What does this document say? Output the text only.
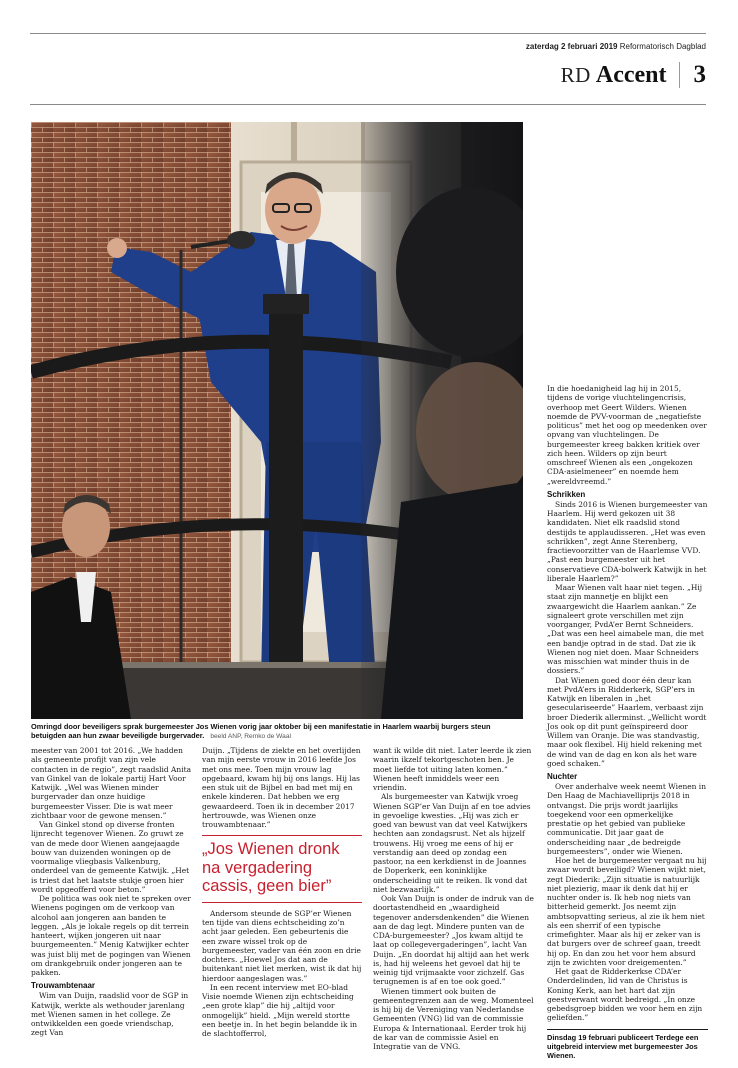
zaterdag 2 februari 2019 Reformatorisch Dagblad
RD Accent 3
Omringd door beveiligers sprak burgemeester Jos Wienen vorig jaar oktober bij een manifestatie in Haarlem waarbij burgers steun betuigden aan hun zwaar beveiligde burgervader. beeld ANP, Remko de Waal

meester van 2001 tot 2016. „We hadden als gemeente profijt van zijn vele contacten in de regio”, zegt raadslid Anita van Ginkel van de lokale partij Hart Voor Katwijk. „Wel was Wienen minder burgervader dan onze huidige burgemeester Visser. Die is wat meer zichtbaar voor de gewone mensen.”

Van Ginkel stond op diverse fronten lijnrecht tegenover Wienen. Zo gruwt ze van de mede door Wienen aangejaagde bouw van duizenden woningen op de voormalige vliegbasis Valkenburg, onderdeel van de gemeente Katwijk. „Het is triest dat het laatste stukje groen hier wordt opgeofferd voor beton.”

De politica was ook niet te spreken over Wienens pogingen om de verkoop van alcohol aan jongeren aan banden te leggen. „Als je lokale regels op dit terrein hanteert, wijken jongeren uit naar buurgemeenten.” Menig Katwijker echter was juist blij met de pogingen van Wienen om drankgebruik onder jongeren aan te pakken.

Trouwambtenaar

Wim van Duijn, raadslid voor de SGP in Katwijk, werkte als wethouder jarenlang met Wienen samen in het college. Ze ontwikkelden een goede vriendschap, zegt Van

Duijn. „Tijdens de ziekte en het overlijden van mijn eerste vrouw in 2016 leefde Jos met ons mee. Toen mijn vrouw lag opgebaard, kwam hij bij ons langs. Hij las een stuk uit de Bijbel en bad met mij en enkele kinderen. Dat hebben we erg gewaardeerd. Toen ik in december 2017 hertrouwde, was Wienen onze trouwambtenaar.”

„Jos Wienen dronk na vergadering cassis, geen bier”

Andersom steunde de SGP’er Wienen ten tijde van diens echtscheiding zo’n acht jaar geleden. Een gebeurtenis die een zware wissel trok op de burgemeester, vader van één zoon en drie dochters. „Hoewel Jos dat aan de buitenkant niet liet merken, wist ik dat hij hierdoor aangeslagen was.”

In een recent interview met EO-blad Visie noemde Wienen zijn echtscheiding „een grote klap” die hij „altijd voor onmogelijk” hield. „Mijn wereld stortte een beetje in. In het begin belandde ik in de slachtofferrol,

want ik wilde dit niet. Later leerde ik zien waarin ikzelf tekortgeschoten ben. Je moet liefde tot uiting laten komen.” Wienen heeft inmiddels weer een vriendin.

Als burgemeester van Katwijk vroeg Wienen SGP’er Van Duijn af en toe advies in gevoelige kwesties. „Hij was zich er goed van bewust van dat veel Katwijkers hechten aan zondagsrust. Net als hijzelf trouwens. Hij vroeg me eens of hij er verstandig aan deed op zondag een pastoor, na een kerkdienst in de Joannes de Doperkerk, een koninklijke onderscheiding uit te reiken. Ik vond dat niet bezwaarlijk.”

Ook Van Duijn is onder de indruk van de doortastendheid en „waardigheid tegenover andersdenkenden” die Wienen aan de dag legt. Mindere punten van de CDA-burgemeester? „Jos kwam altijd te laat op collegevergaderingen”, lacht Van Duijn. „En doordat hij altijd aan het werk is, had hij weleens het gevoel dat hij te weinig tijd vrijmaakte voor zichzelf. Gas terugnemen is af en toe ook goed.”

Wienen timmert ook buiten de gemeentegrenzen aan de weg. Momenteel is hij bij de Vereniging van Nederlandse Gemeenten (VNG) lid van de commissie Europa & Internationaal. Eerder trok hij de kar van de commissie Asiel en Integratie van de VNG.

In die hoedanigheid lag hij in 2015, tijdens de vorige vluchtelingencrisis, overhoop met Geert Wilders. Wienen noemde de PVV-voorman de „negatiefste politicus” met het oog op meedenken over opvang van vluchtelingen. De burgemeester kreeg bakken kritiek over zich heen. Wilders op zijn beurt omschreef Wienen als een „ongekozen CDA-asielmeneer” en noemde hem „wereldvreemd.”

Schrikken

Sinds 2016 is Wienen burgemeester van Haarlem. Hij werd gekozen uit 38 kandidaten. Niet elk raadslid stond destijds te applaudisseren. „Het was even schrikken”, zegt Anne Sterenberg, fractievoorzitter van de Haarlemse VVD. „Past een burgemeester uit het conservatieve CDA-bolwerk Katwijk in het liberale Haarlem?”

Maar Wienen valt haar niet tegen. „Hij staat zijn mannetje en blijkt een zwaargewicht die Haarlem aankan.” Ze signaleert grote verschillen met zijn voorganger, PvdA’er Bernt Schneiders. „Dat was een heel aimabele man, die met een bandje optrad in de stad. Dat zie ik Wienen nog niet doen. Maar Schneiders was misschien wat minder thuis in de dossiers.”

Dat Wienen goed door één deur kan met PvdA’ers in Ridderkerk, SGP’ers in Katwijk en liberalen in „het geseculariseerde” Haarlem, verbaast zijn broer Diederik allerminst. „Wellicht wordt Jos ook op dit punt geïnspireerd door Willem van Oranje. Die was standvastig, maar ook flexibel. Hij hield rekening met de wind van de dag en kon als het ware goed schaken.”

Nuchter

Over anderhalve week neemt Wienen in Den Haag de Machiavelliprijs 2018 in ontvangst. Die prijs wordt jaarlijks toegekend voor een opmerkelijke prestatie op het gebied van publieke communicatie. Dit jaar gaat de onderscheiding naar „de bedreigde burgemeesters”, onder wie Wienen.

Hoe het de burgemeester vergaat nu hij zwaar wordt beveiligd? Wienen wijkt niet, zegt Diederik: „Zijn situatie is natuurlijk niet plezierig, maar ik denk dat hij er nuchter onder is. Ik heb nog niets van bitterheid gemerkt. Jos neemt zijn ambtsopvatting serieus, al zie ik hem niet als een sherrif of een typische crimefighter. Maar als hij er zeker van is dat burgers over de schreef gaan, treedt hij op. En dan zou het voor hem absurd zijn te zwichten voor dreigementen.”

Het gaat de Ridderkerkse CDA’er Onderdelinden, lid van de Christus is Koning Kerk, aan het hart dat zijn geestverwant wordt bedreigd. „In onze gebedsgroep bidden we voor hem en zijn geliefden.”

Dinsdag 19 februari publiceert Terdege een uitgebreid interview met burgemeester Jos Wienen.
